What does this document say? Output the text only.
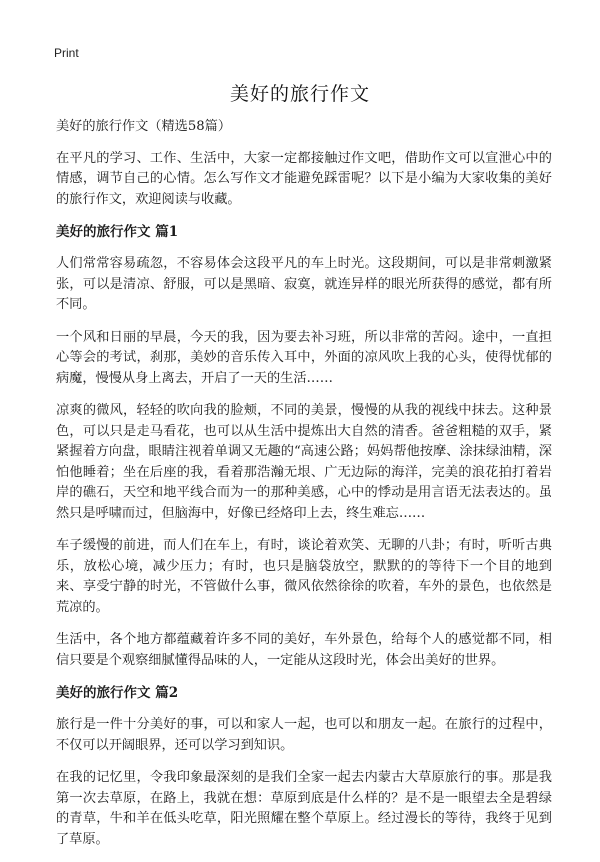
Print
美好的旅行作文

美好的旅行作文（精选58篇）

在平凡的学习、工作、生活中，大家一定都接触过作文吧，借助作文可以宣泄心中的情感，调节自己的心情。怎么写作文才能避免踩雷呢？以下是小编为大家收集的美好的旅行作文，欢迎阅读与收藏。

美好的旅行作文 篇1

人们常常容易疏忽，不容易体会这段平凡的车上时光。这段期间，可以是非常刺激紧张，可以是清凉、舒服，可以是黑暗、寂寞，就连异样的眼光所获得的感觉，都有所不同。

一个风和日丽的早晨，今天的我，因为要去补习班，所以非常的苦闷。途中，一直担心等会的考试，刹那，美妙的音乐传入耳中，外面的凉风吹上我的心头，使得忧郁的病魔，慢慢从身上离去，开启了一天的生活……

凉爽的微风，轻轻的吹向我的脸颊，不同的美景，慢慢的从我的视线中抹去。这种景色，可以只是走马看花，也可以从生活中提炼出大自然的清香。爸爸粗糙的双手，紧紧握着方向盘，眼睛注视着单调又无趣的“高速公路；妈妈帮他按摩、涂抹绿油精，深怕他睡着；坐在后座的我，看着那浩瀚无垠、广无边际的海洋，完美的浪花拍打着岩岸的礁石，天空和地平线合而为一的那种美感，心中的悸动是用言语无法表达的。虽然只是呼啸而过，但脑海中，好像已经烙印上去，终生难忘……

车子缓慢的前进，而人们在车上，有时，谈论着欢笑、无聊的八卦；有时，听听古典乐，放松心境，减少压力；有时，也只是脑袋放空，默默的的等待下一个目的地到来、享受宁静的时光，不管做什么事，微风依然徐徐的吹着，车外的景色，也依然是荒凉的。

生活中，各个地方都蕴藏着许多不同的美好，车外景色，给每个人的感觉都不同，相信只要是个观察细腻懂得品味的人，一定能从这段时光，体会出美好的世界。

美好的旅行作文 篇2

旅行是一件十分美好的事，可以和家人一起，也可以和朋友一起。在旅行的过程中，不仅可以开阔眼界，还可以学习到知识。

在我的记忆里，令我印象最深刻的是我们全家一起去内蒙古大草原旅行的事。那是我第一次去草原，在路上，我就在想：草原到底是什么样的？是不是一眼望去全是碧绿的青草，牛和羊在低头吃草，阳光照耀在整个草原上。经过漫长的等待，我终于见到了草原。
